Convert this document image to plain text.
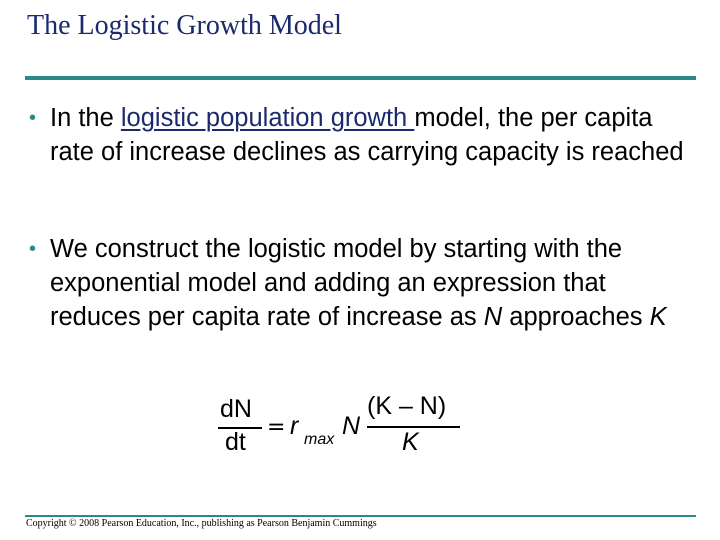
The Logistic Growth Model
• In the logistic population growth model, the per capita rate of increase declines as carrying capacity is reached
• We construct the logistic model by starting with the exponential model and adding an expression that reduces per capita rate of increase as N approaches K
dN
dt
= r max N
(K – N)
K
Copyright © 2008 Pearson Education, Inc., publishing as Pearson Benjamin Cummings
